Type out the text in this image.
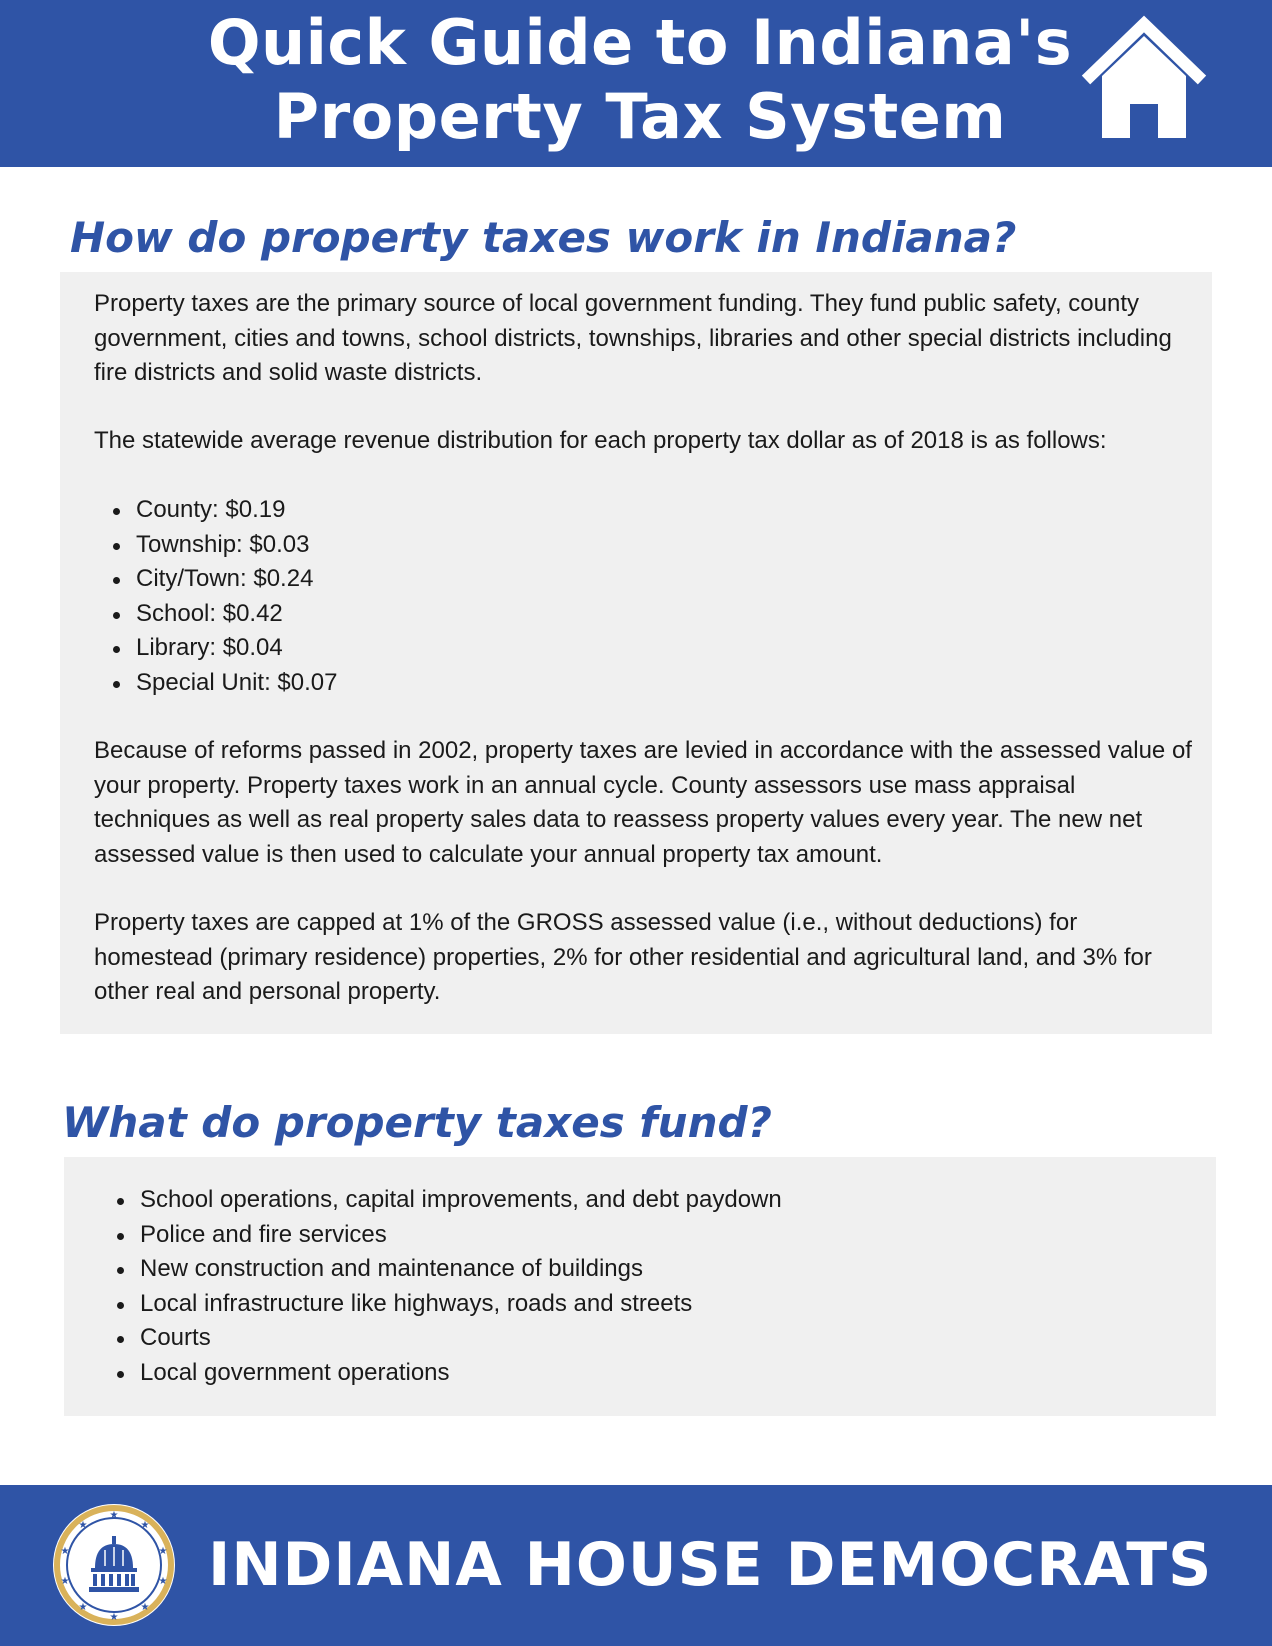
Quick Guide to Indiana's
Property Tax System
How do property taxes work in Indiana?

Property taxes are the primary source of local government funding. They fund public safety, county government, cities and towns, school districts, townships, libraries and other special districts including fire districts and solid waste districts.

The statewide average revenue distribution for each property tax dollar as of 2018 is as follows:

County: $0.19
Township: $0.03
City/Town: $0.24
School: $0.42
Library: $0.04
Special Unit: $0.07

Because of reforms passed in 2002, property taxes are levied in accordance with the assessed value of your property. Property taxes work in an annual cycle. County assessors use mass appraisal techniques as well as real property sales data to reassess property values every year. The new net assessed value is then used to calculate your annual property tax amount.

Property taxes are capped at 1% of the GROSS assessed value (i.e., without deductions) for homestead (primary residence) properties, 2% for other residential and agricultural land, and 3% for other real and personal property.

What do property taxes fund?
School operations, capital improvements, and debt paydown
Police and fire services
New construction and maintenance of buildings
Local infrastructure like highways, roads and streets
Courts
Local government operations
★
★
★
★
★
★
★
★
★
★
INDIANA HOUSE DEMOCRATS
